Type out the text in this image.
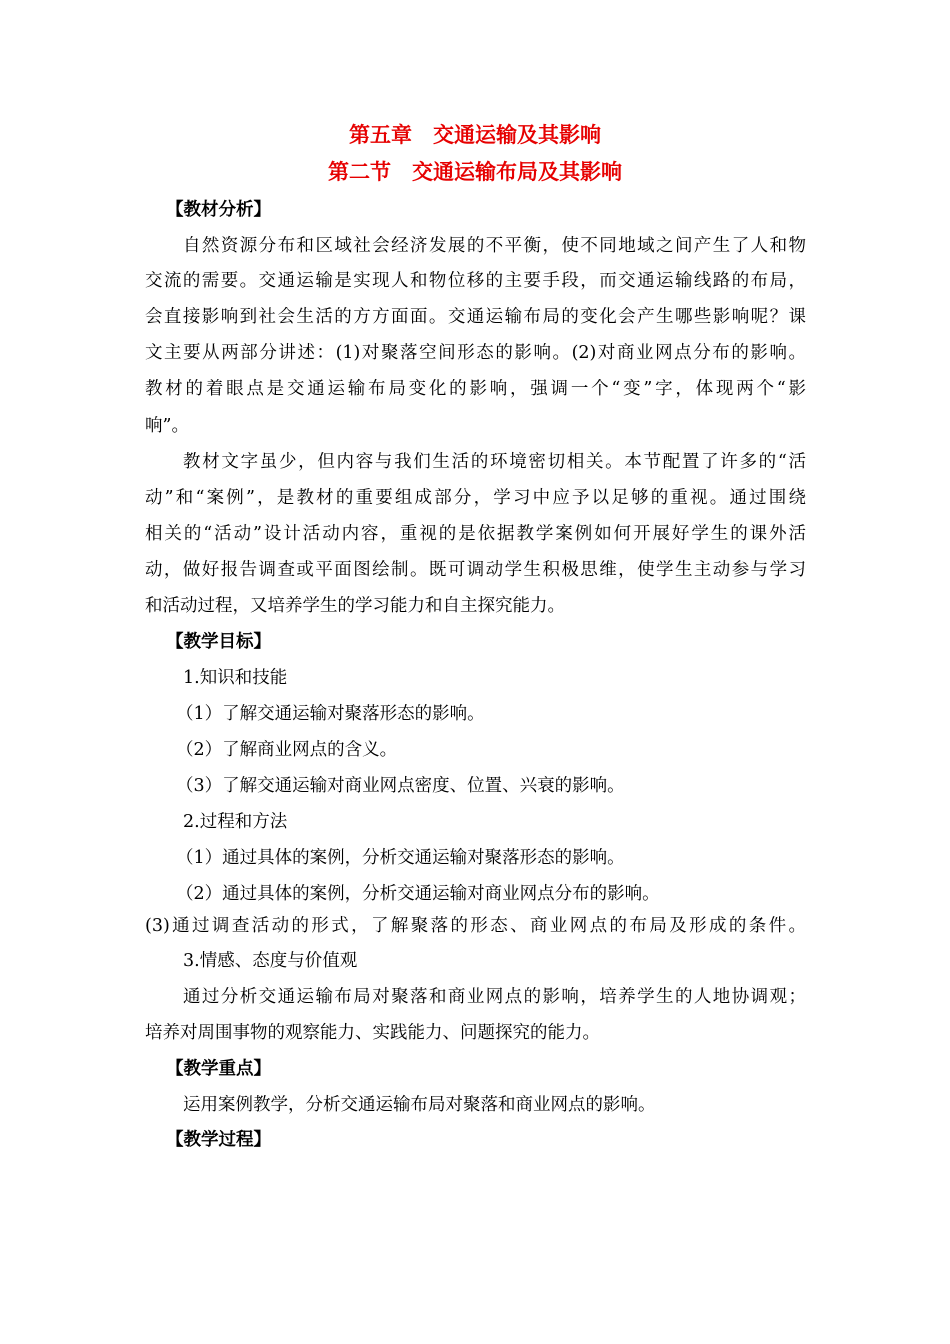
第五章　交通运输及其影响
第二节　交通运输布局及其影响
【教材分析】
自然资源分布和区域社会经济发展的不平衡，使不同地域之间产生了人和物
交流的需要。交通运输是实现人和物位移的主要手段，而交通运输线路的布局，
会直接影响到社会生活的方方面面。交通运输布局的变化会产生哪些影响呢？课
文主要从两部分讲述：(1)对聚落空间形态的影响。(2)对商业网点分布的影响。
教材的着眼点是交通运输布局变化的影响，强调一个“变”字，体现两个“影
响”。
教材文字虽少，但内容与我们生活的环境密切相关。本节配置了许多的“活
动”和“案例”，是教材的重要组成部分，学习中应予以足够的重视。通过围绕
相关的“活动”设计活动内容，重视的是依据教学案例如何开展好学生的课外活
动，做好报告调查或平面图绘制。既可调动学生积极思维，使学生主动参与学习
和活动过程，又培养学生的学习能力和自主探究能力。
【教学目标】
1.知识和技能
（1）了解交通运输对聚落形态的影响。
（2）了解商业网点的含义。
（3）了解交通运输对商业网点密度、位置、兴衰的影响。
2.过程和方法
（1）通过具体的案例，分析交通运输对聚落形态的影响。
（2）通过具体的案例，分析交通运输对商业网点分布的影响。
(3)通过调查活动的形式，了解聚落的形态、商业网点的布局及形成的条件。
3.情感、态度与价值观
通过分析交通运输布局对聚落和商业网点的影响，培养学生的人地协调观；
培养对周围事物的观察能力、实践能力、问题探究的能力。
【教学重点】
运用案例教学，分析交通运输布局对聚落和商业网点的影响。
【教学过程】
